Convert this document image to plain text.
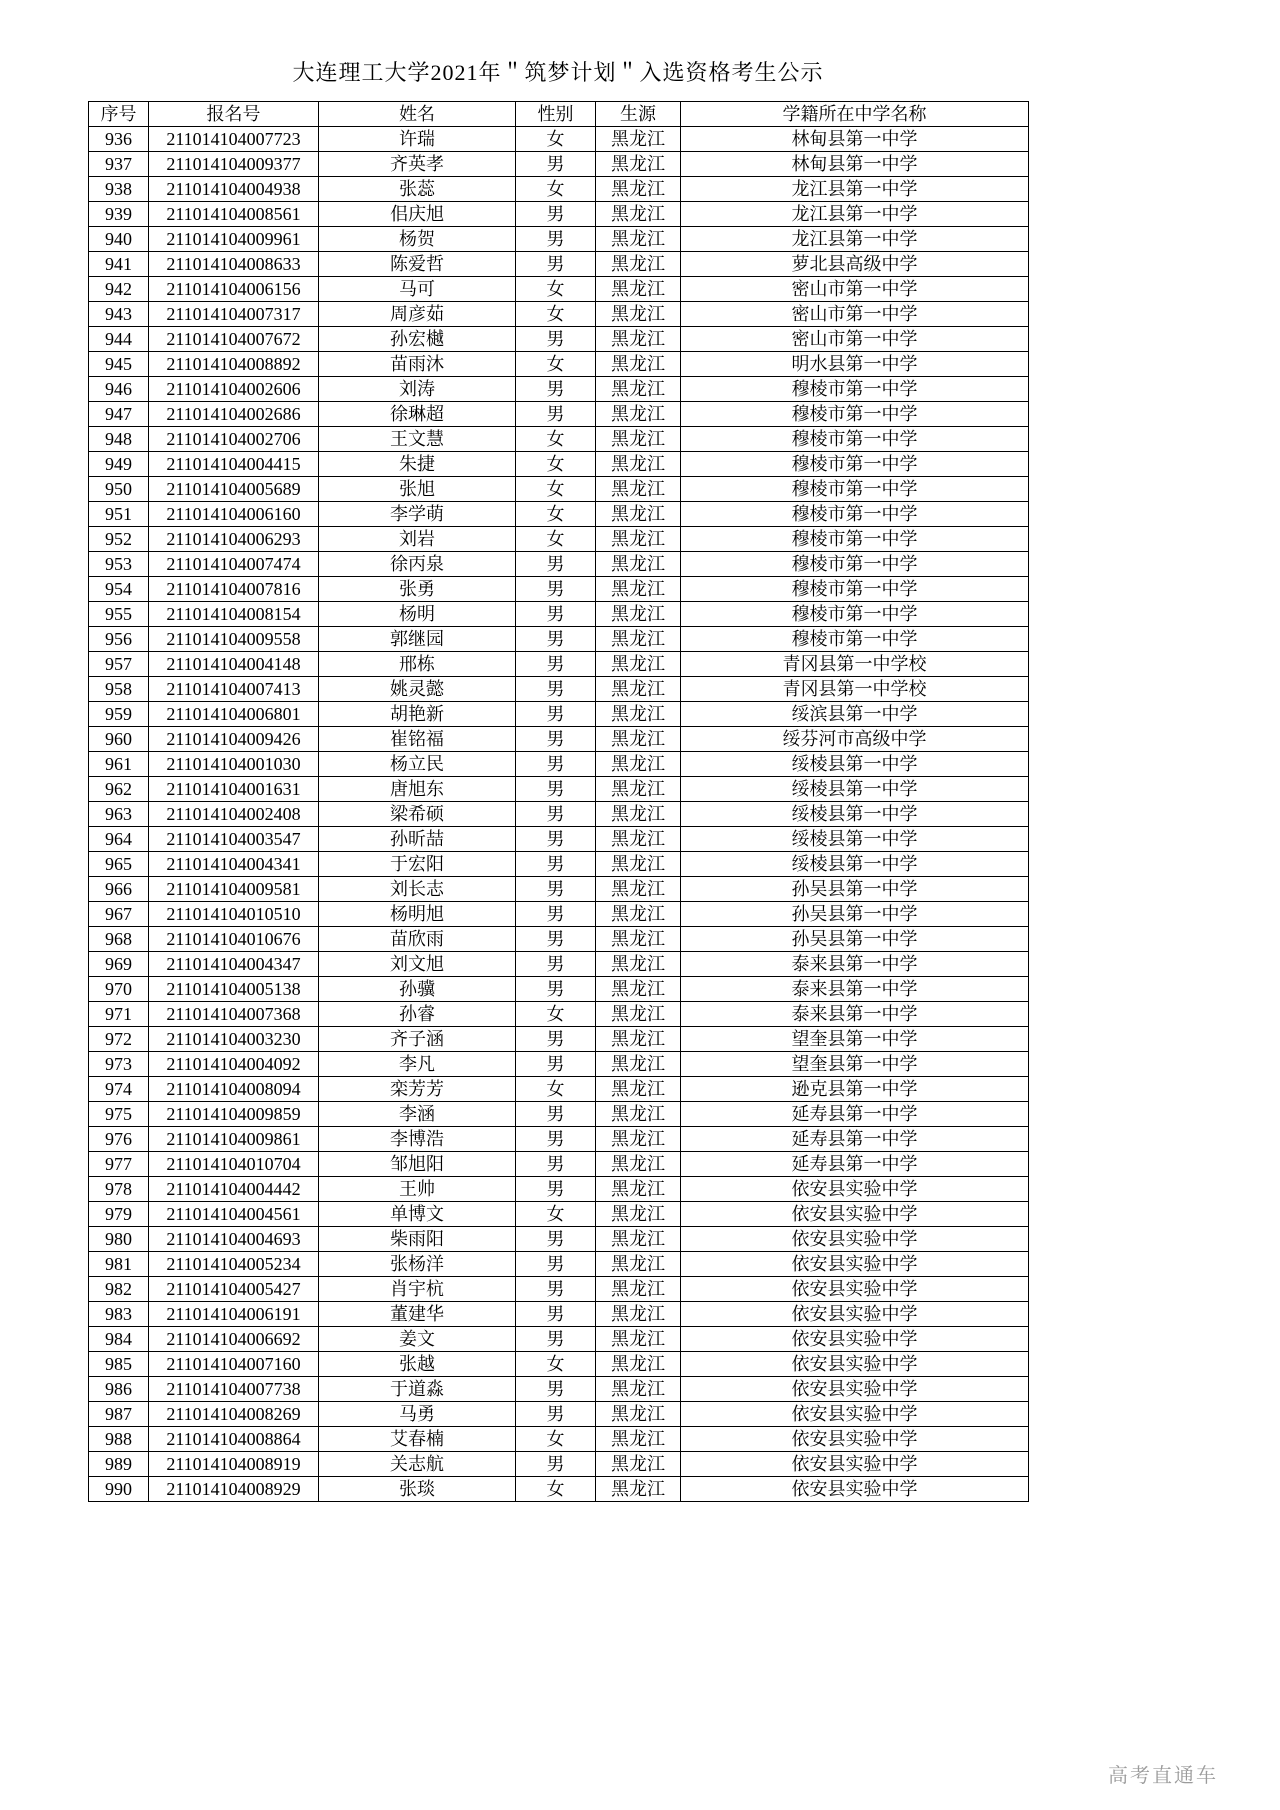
大连理工大学2021年＂筑梦计划＂入选资格考生公示
序号	报名号	姓名	性别	生源	学籍所在中学名称
936	211014104007723	许瑞	女	黑龙江	林甸县第一中学
937	211014104009377	齐英孝	男	黑龙江	林甸县第一中学
938	211014104004938	张蕊	女	黑龙江	龙江县第一中学
939	211014104008561	佀庆旭	男	黑龙江	龙江县第一中学
940	211014104009961	杨贺	男	黑龙江	龙江县第一中学
941	211014104008633	陈爱哲	男	黑龙江	萝北县高级中学
942	211014104006156	马可	女	黑龙江	密山市第一中学
943	211014104007317	周彦茹	女	黑龙江	密山市第一中学
944	211014104007672	孙宏樾	男	黑龙江	密山市第一中学
945	211014104008892	苗雨沐	女	黑龙江	明水县第一中学
946	211014104002606	刘涛	男	黑龙江	穆棱市第一中学
947	211014104002686	徐琳超	男	黑龙江	穆棱市第一中学
948	211014104002706	王文慧	女	黑龙江	穆棱市第一中学
949	211014104004415	朱捷	女	黑龙江	穆棱市第一中学
950	211014104005689	张旭	女	黑龙江	穆棱市第一中学
951	211014104006160	李学萌	女	黑龙江	穆棱市第一中学
952	211014104006293	刘岩	女	黑龙江	穆棱市第一中学
953	211014104007474	徐丙泉	男	黑龙江	穆棱市第一中学
954	211014104007816	张勇	男	黑龙江	穆棱市第一中学
955	211014104008154	杨明	男	黑龙江	穆棱市第一中学
956	211014104009558	郭继园	男	黑龙江	穆棱市第一中学
957	211014104004148	邢栋	男	黑龙江	青冈县第一中学校
958	211014104007413	姚灵懿	男	黑龙江	青冈县第一中学校
959	211014104006801	胡艳新	男	黑龙江	绥滨县第一中学
960	211014104009426	崔铭福	男	黑龙江	绥芬河市高级中学
961	211014104001030	杨立民	男	黑龙江	绥棱县第一中学
962	211014104001631	唐旭东	男	黑龙江	绥棱县第一中学
963	211014104002408	梁希硕	男	黑龙江	绥棱县第一中学
964	211014104003547	孙昕喆	男	黑龙江	绥棱县第一中学
965	211014104004341	于宏阳	男	黑龙江	绥棱县第一中学
966	211014104009581	刘长志	男	黑龙江	孙吴县第一中学
967	211014104010510	杨明旭	男	黑龙江	孙吴县第一中学
968	211014104010676	苗欣雨	男	黑龙江	孙吴县第一中学
969	211014104004347	刘文旭	男	黑龙江	泰来县第一中学
970	211014104005138	孙骥	男	黑龙江	泰来县第一中学
971	211014104007368	孙睿	女	黑龙江	泰来县第一中学
972	211014104003230	齐子涵	男	黑龙江	望奎县第一中学
973	211014104004092	李凡	男	黑龙江	望奎县第一中学
974	211014104008094	栾芳芳	女	黑龙江	逊克县第一中学
975	211014104009859	李涵	男	黑龙江	延寿县第一中学
976	211014104009861	李博浩	男	黑龙江	延寿县第一中学
977	211014104010704	邹旭阳	男	黑龙江	延寿县第一中学
978	211014104004442	王帅	男	黑龙江	依安县实验中学
979	211014104004561	单博文	女	黑龙江	依安县实验中学
980	211014104004693	柴雨阳	男	黑龙江	依安县实验中学
981	211014104005234	张杨洋	男	黑龙江	依安县实验中学
982	211014104005427	肖宇杭	男	黑龙江	依安县实验中学
983	211014104006191	董建华	男	黑龙江	依安县实验中学
984	211014104006692	姜文	男	黑龙江	依安县实验中学
985	211014104007160	张越	女	黑龙江	依安县实验中学
986	211014104007738	于道淼	男	黑龙江	依安县实验中学
987	211014104008269	马勇	男	黑龙江	依安县实验中学
988	211014104008864	艾春楠	女	黑龙江	依安县实验中学
989	211014104008919	关志航	男	黑龙江	依安县实验中学
990	211014104008929	张琰	女	黑龙江	依安县实验中学
高考直通车
